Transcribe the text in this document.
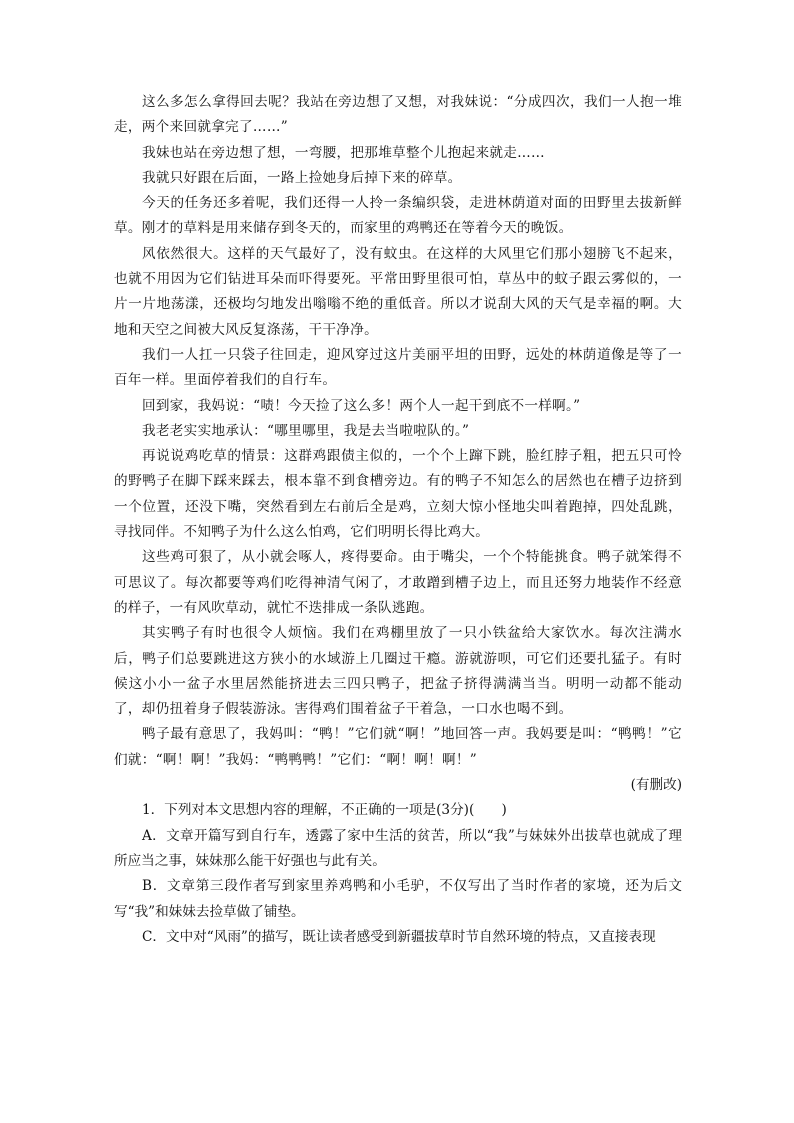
这么多怎么拿得回去呢？我站在旁边想了又想，对我妹说：“分成四次，我们一人抱一堆走，两个来回就拿完了……”

我妹也站在旁边想了想，一弯腰，把那堆草整个儿抱起来就走……

我就只好跟在后面，一路上捡她身后掉下来的碎草。

今天的任务还多着呢，我们还得一人拎一条编织袋，走进林荫道对面的田野里去拔新鲜草。刚才的草料是用来储存到冬天的，而家里的鸡鸭还在等着今天的晚饭。

风依然很大。这样的天气最好了，没有蚊虫。在这样的大风里它们那小翅膀飞不起来，也就不用因为它们钻进耳朵而吓得要死。平常田野里很可怕，草丛中的蚊子跟云雾似的，一片一片地荡漾，还极均匀地发出嗡嗡不绝的重低音。所以才说刮大风的天气是幸福的啊。大地和天空之间被大风反复涤荡，干干净净。

我们一人扛一只袋子往回走，迎风穿过这片美丽平坦的田野，远处的林荫道像是等了一百年一样。里面停着我们的自行车。

回到家，我妈说：“啧！今天捡了这么多！两个人一起干到底不一样啊。”

我老老实实地承认：“哪里哪里，我是去当啦啦队的。”

再说说鸡吃草的情景：这群鸡跟债主似的，一个个上蹿下跳，脸红脖子粗，把五只可怜的野鸭子在脚下踩来踩去，根本靠不到食槽旁边。有的鸭子不知怎么的居然也在槽子边挤到一个位置，还没下嘴，突然看到左右前后全是鸡，立刻大惊小怪地尖叫着跑掉，四处乱跳，寻找同伴。不知鸭子为什么这么怕鸡，它们明明长得比鸡大。

这些鸡可狠了，从小就会啄人，疼得要命。由于嘴尖，一个个特能挑食。鸭子就笨得不可思议了。每次都要等鸡们吃得神清气闲了，才敢蹭到槽子边上，而且还努力地装作不经意的样子，一有风吹草动，就忙不迭排成一条队逃跑。

其实鸭子有时也很令人烦恼。我们在鸡棚里放了一只小铁盆给大家饮水。每次注满水后，鸭子们总要跳进这方狭小的水域游上几圈过干瘾。游就游呗，可它们还要扎猛子。有时候这小小一盆子水里居然能挤进去三四只鸭子，把盆子挤得满满当当。明明一动都不能动了，却仍扭着身子假装游泳。害得鸡们围着盆子干着急，一口水也喝不到。

鸭子最有意思了，我妈叫：“鸭！”它们就“啊！”地回答一声。我妈要是叫：“鸭鸭！”它们就：“啊！啊！”我妈：“鸭鸭鸭！”它们：“啊！啊！啊！”

(有删改)

1．下列对本文思想内容的理解，不正确的一项是(3分)(　　)

A．文章开篇写到自行车，透露了家中生活的贫苦，所以“我”与妹妹外出拔草也就成了理所应当之事，妹妹那么能干好强也与此有关。

B．文章第三段作者写到家里养鸡鸭和小毛驴，不仅写出了当时作者的家境，还为后文写“我”和妹妹去捡草做了铺垫。

C．文中对“风雨”的描写，既让读者感受到新疆拔草时节自然环境的特点，又直接表现
